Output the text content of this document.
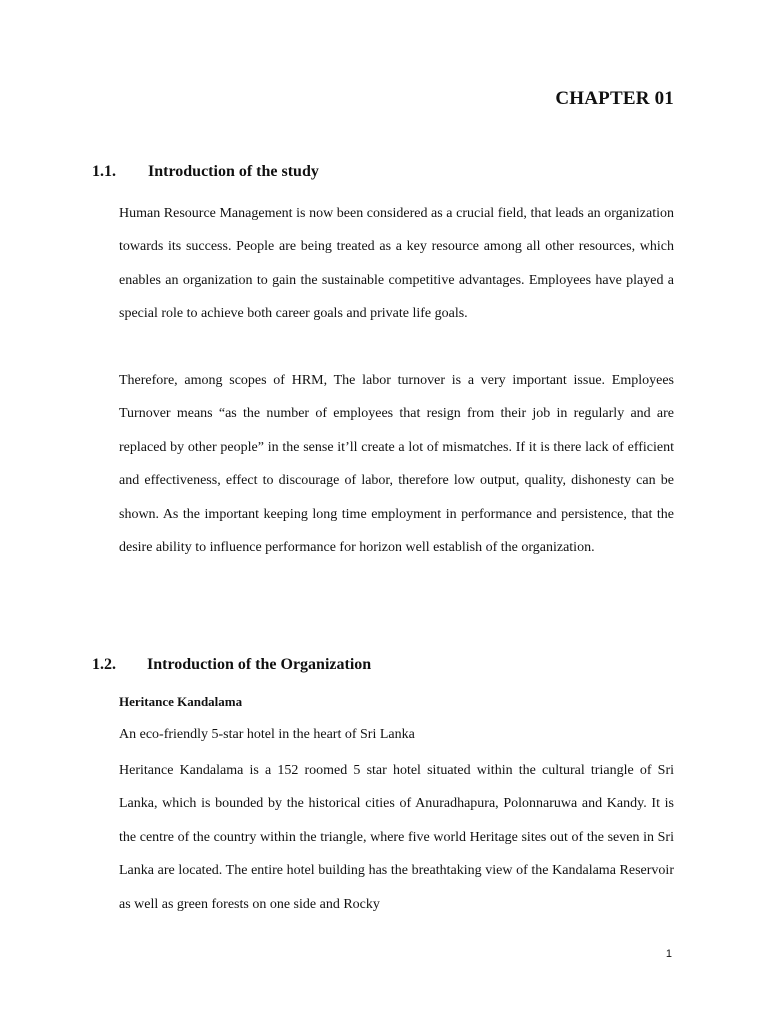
CHAPTER 01
1.1. Introduction of the study

Human Resource Management is now been considered as a crucial field, that leads an organization towards its success. People are being treated as a key resource among all other resources, which enables an organization to gain the sustainable competitive advantages. Employees have played a special role to achieve both career goals and private life goals.

Therefore, among scopes of HRM, The labor turnover is a very important issue. Employees Turnover means “as the number of employees that resign from their job in regularly and are replaced by other people” in the sense it’ll create a lot of mismatches. If it is there lack of efficient and effectiveness, effect to discourage of labor, therefore low output, quality, dishonesty can be shown. As the important keeping long time employment in performance and persistence, that the desire ability to influence performance for horizon well establish of the organization.

1.2. Introduction of the Organization
Heritance Kandalama
An eco-friendly 5-star hotel in the heart of Sri Lanka

Heritance Kandalama is a 152 roomed 5 star hotel situated within the cultural triangle of Sri Lanka, which is bounded by the historical cities of Anuradhapura, Polonnaruwa and Kandy. It is the centre of the country within the triangle, where five world Heritage sites out of the seven in Sri Lanka are located. The entire hotel building has the breathtaking view of the Kandalama Reservoir as well as green forests on one side and Rocky

1
